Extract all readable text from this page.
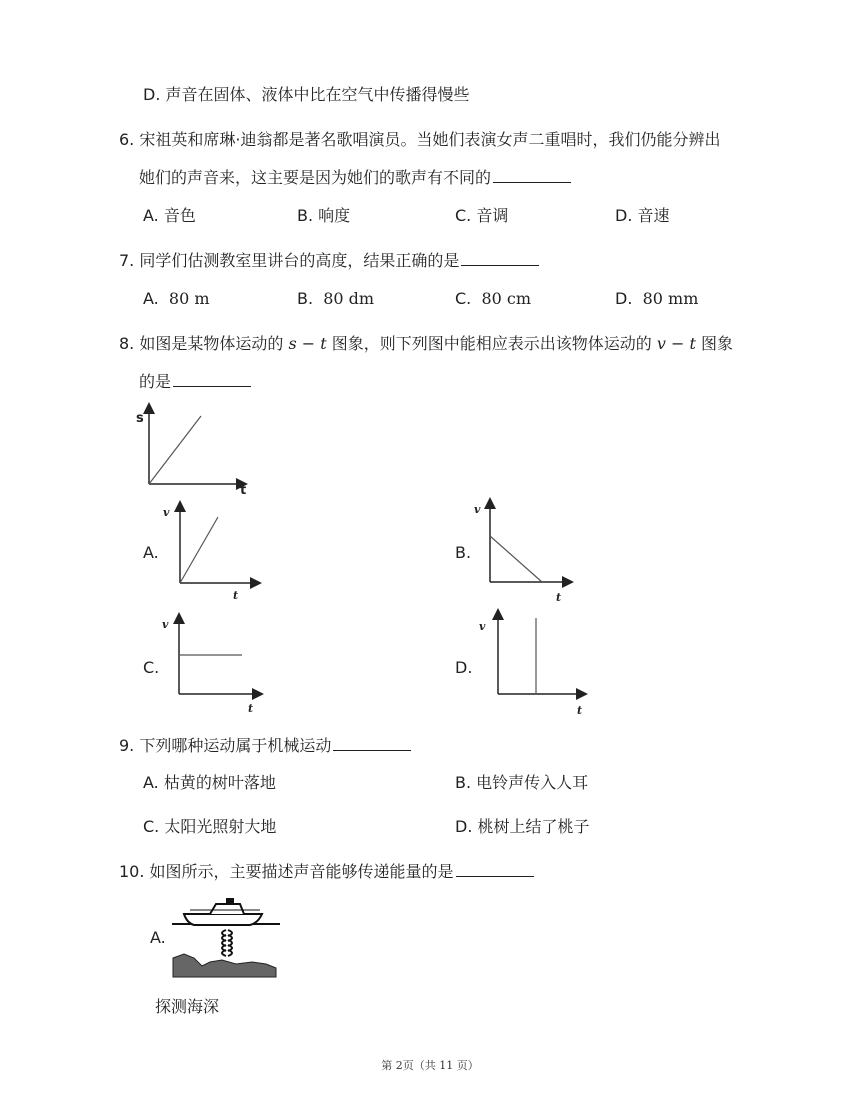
D. 声音在固体、液体中比在空气中传播得慢些
6. 宋祖英和席琳·迪翁都是著名歌唱演员。当她们表演女声二重唱时，我们仍能分辨出
她们的声音来，这主要是因为她们的歌声有不同的
A. 音色	B. 响度	C. 音调	D. 音速
7. 同学们估测教室里讲台的高度，结果正确的是
A. 80 m	B. 80 dm	C. 80 cm	D. 80 mm
8. 如图是某物体运动的 s − t 图象，则下列图中能相应表示出该物体运动的 v − t 图象
的是
s
t
A.
v
t
B.
v
t
C.
v
t
D.
v
t
9. 下列哪种运动属于机械运动
A. 枯黄的树叶落地	B. 电铃声传入人耳
C. 太阳光照射大地	D. 桃树上结了桃子
10. 如图所示，主要描述声音能够传递能量的是
A.
探测海深
第 2页（共 11 页）
